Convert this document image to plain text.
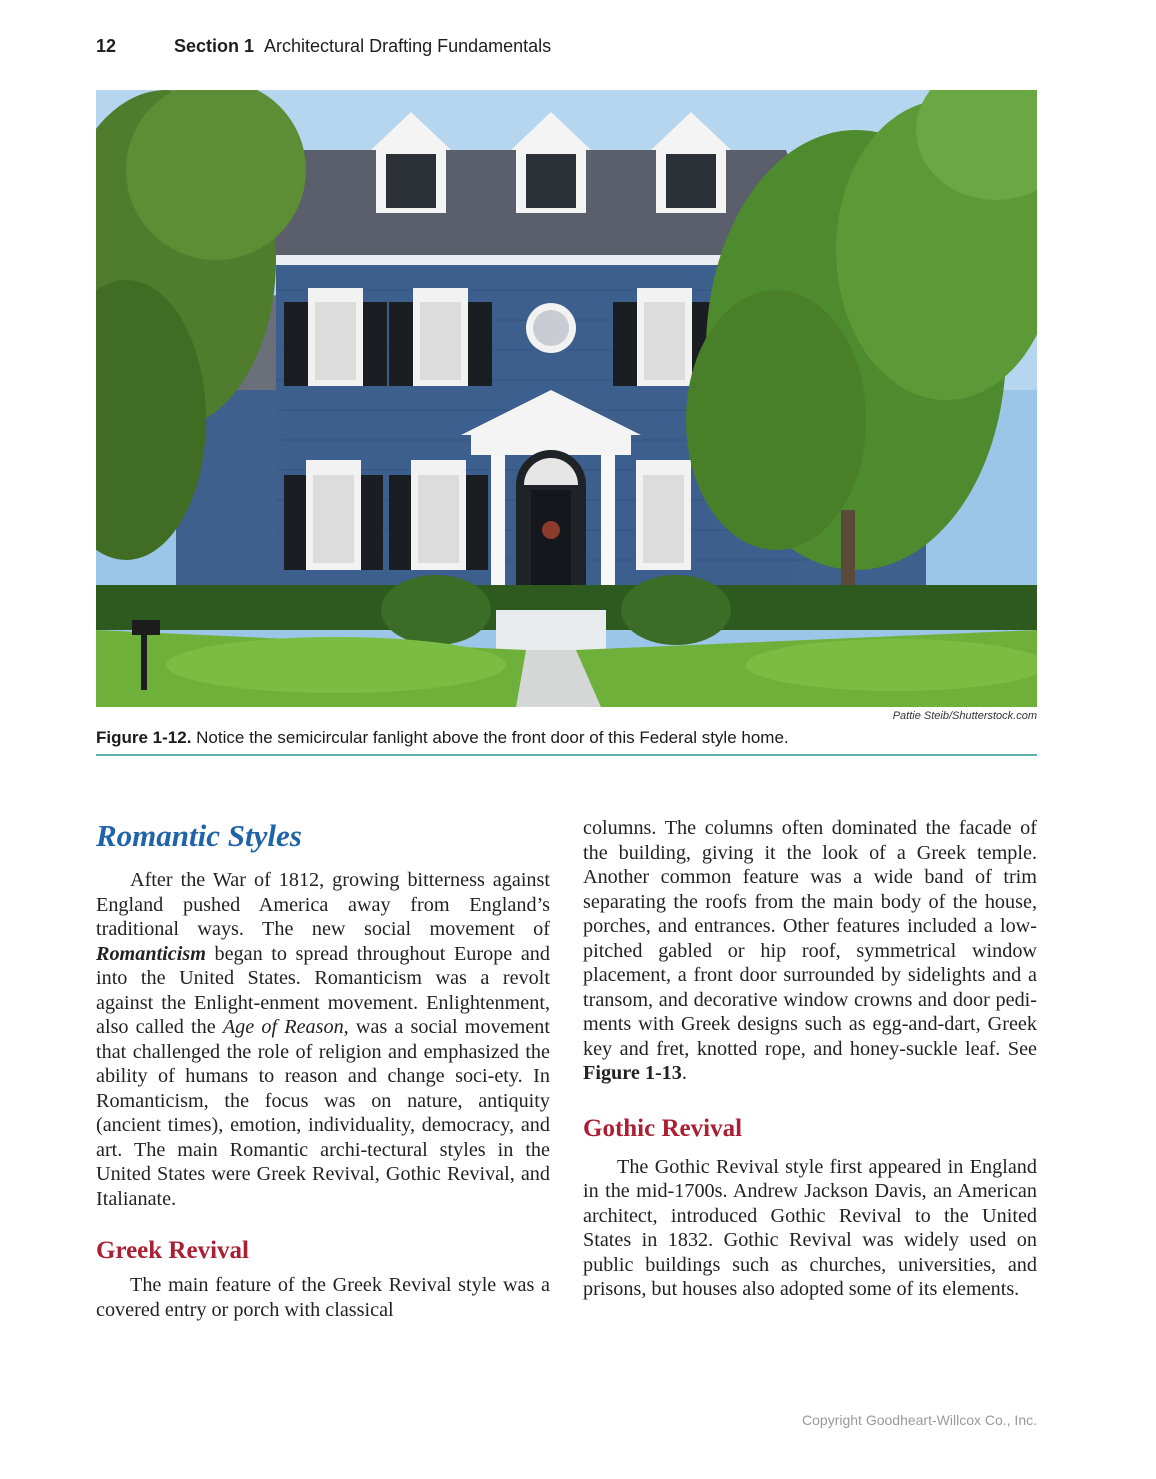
12	Section 1 Architectural Drafting Fundamentals
Pattie Steib/Shutterstock.com
Figure 1-12. Notice the semicircular fanlight above the front door of this Federal style home.
Romantic Styles

After the War of 1812, growing bitterness against England pushed America away from England’s traditional ways. The new social movement of Romanticism began to spread throughout Europe and into the United States. Romanticism was a revolt against the Enlight-enment movement. Enlightenment, also called the Age of Reason, was a social movement that challenged the role of religion and emphasized the ability of humans to reason and change soci-ety. In Romanticism, the focus was on nature, antiquity (ancient times), emotion, individuality, democracy, and art. The main Romantic archi-tectural styles in the United States were Greek Revival, Gothic Revival, and Italianate.

Greek Revival

The main feature of the Greek Revival style was a covered entry or porch with classical

columns. The columns often dominated the facade of the building, giving it the look of a Greek temple. Another common feature was a wide band of trim separating the roofs from the main body of the house, porches, and entrances. Other features included a low-pitched gabled or hip roof, symmetrical window placement, a front door surrounded by sidelights and a transom, and decorative window crowns and door pedi-ments with Greek designs such as egg-and-dart, Greek key and fret, knotted rope, and honey-suckle leaf. See Figure 1-13.

Gothic Revival

The Gothic Revival style first appeared in England in the mid-1700s. Andrew Jackson Davis, an American architect, introduced Gothic Revival to the United States in 1832. Gothic Revival was widely used on public buildings such as churches, universities, and prisons, but houses also adopted some of its elements.

Copyright Goodheart-Willcox Co., Inc.
